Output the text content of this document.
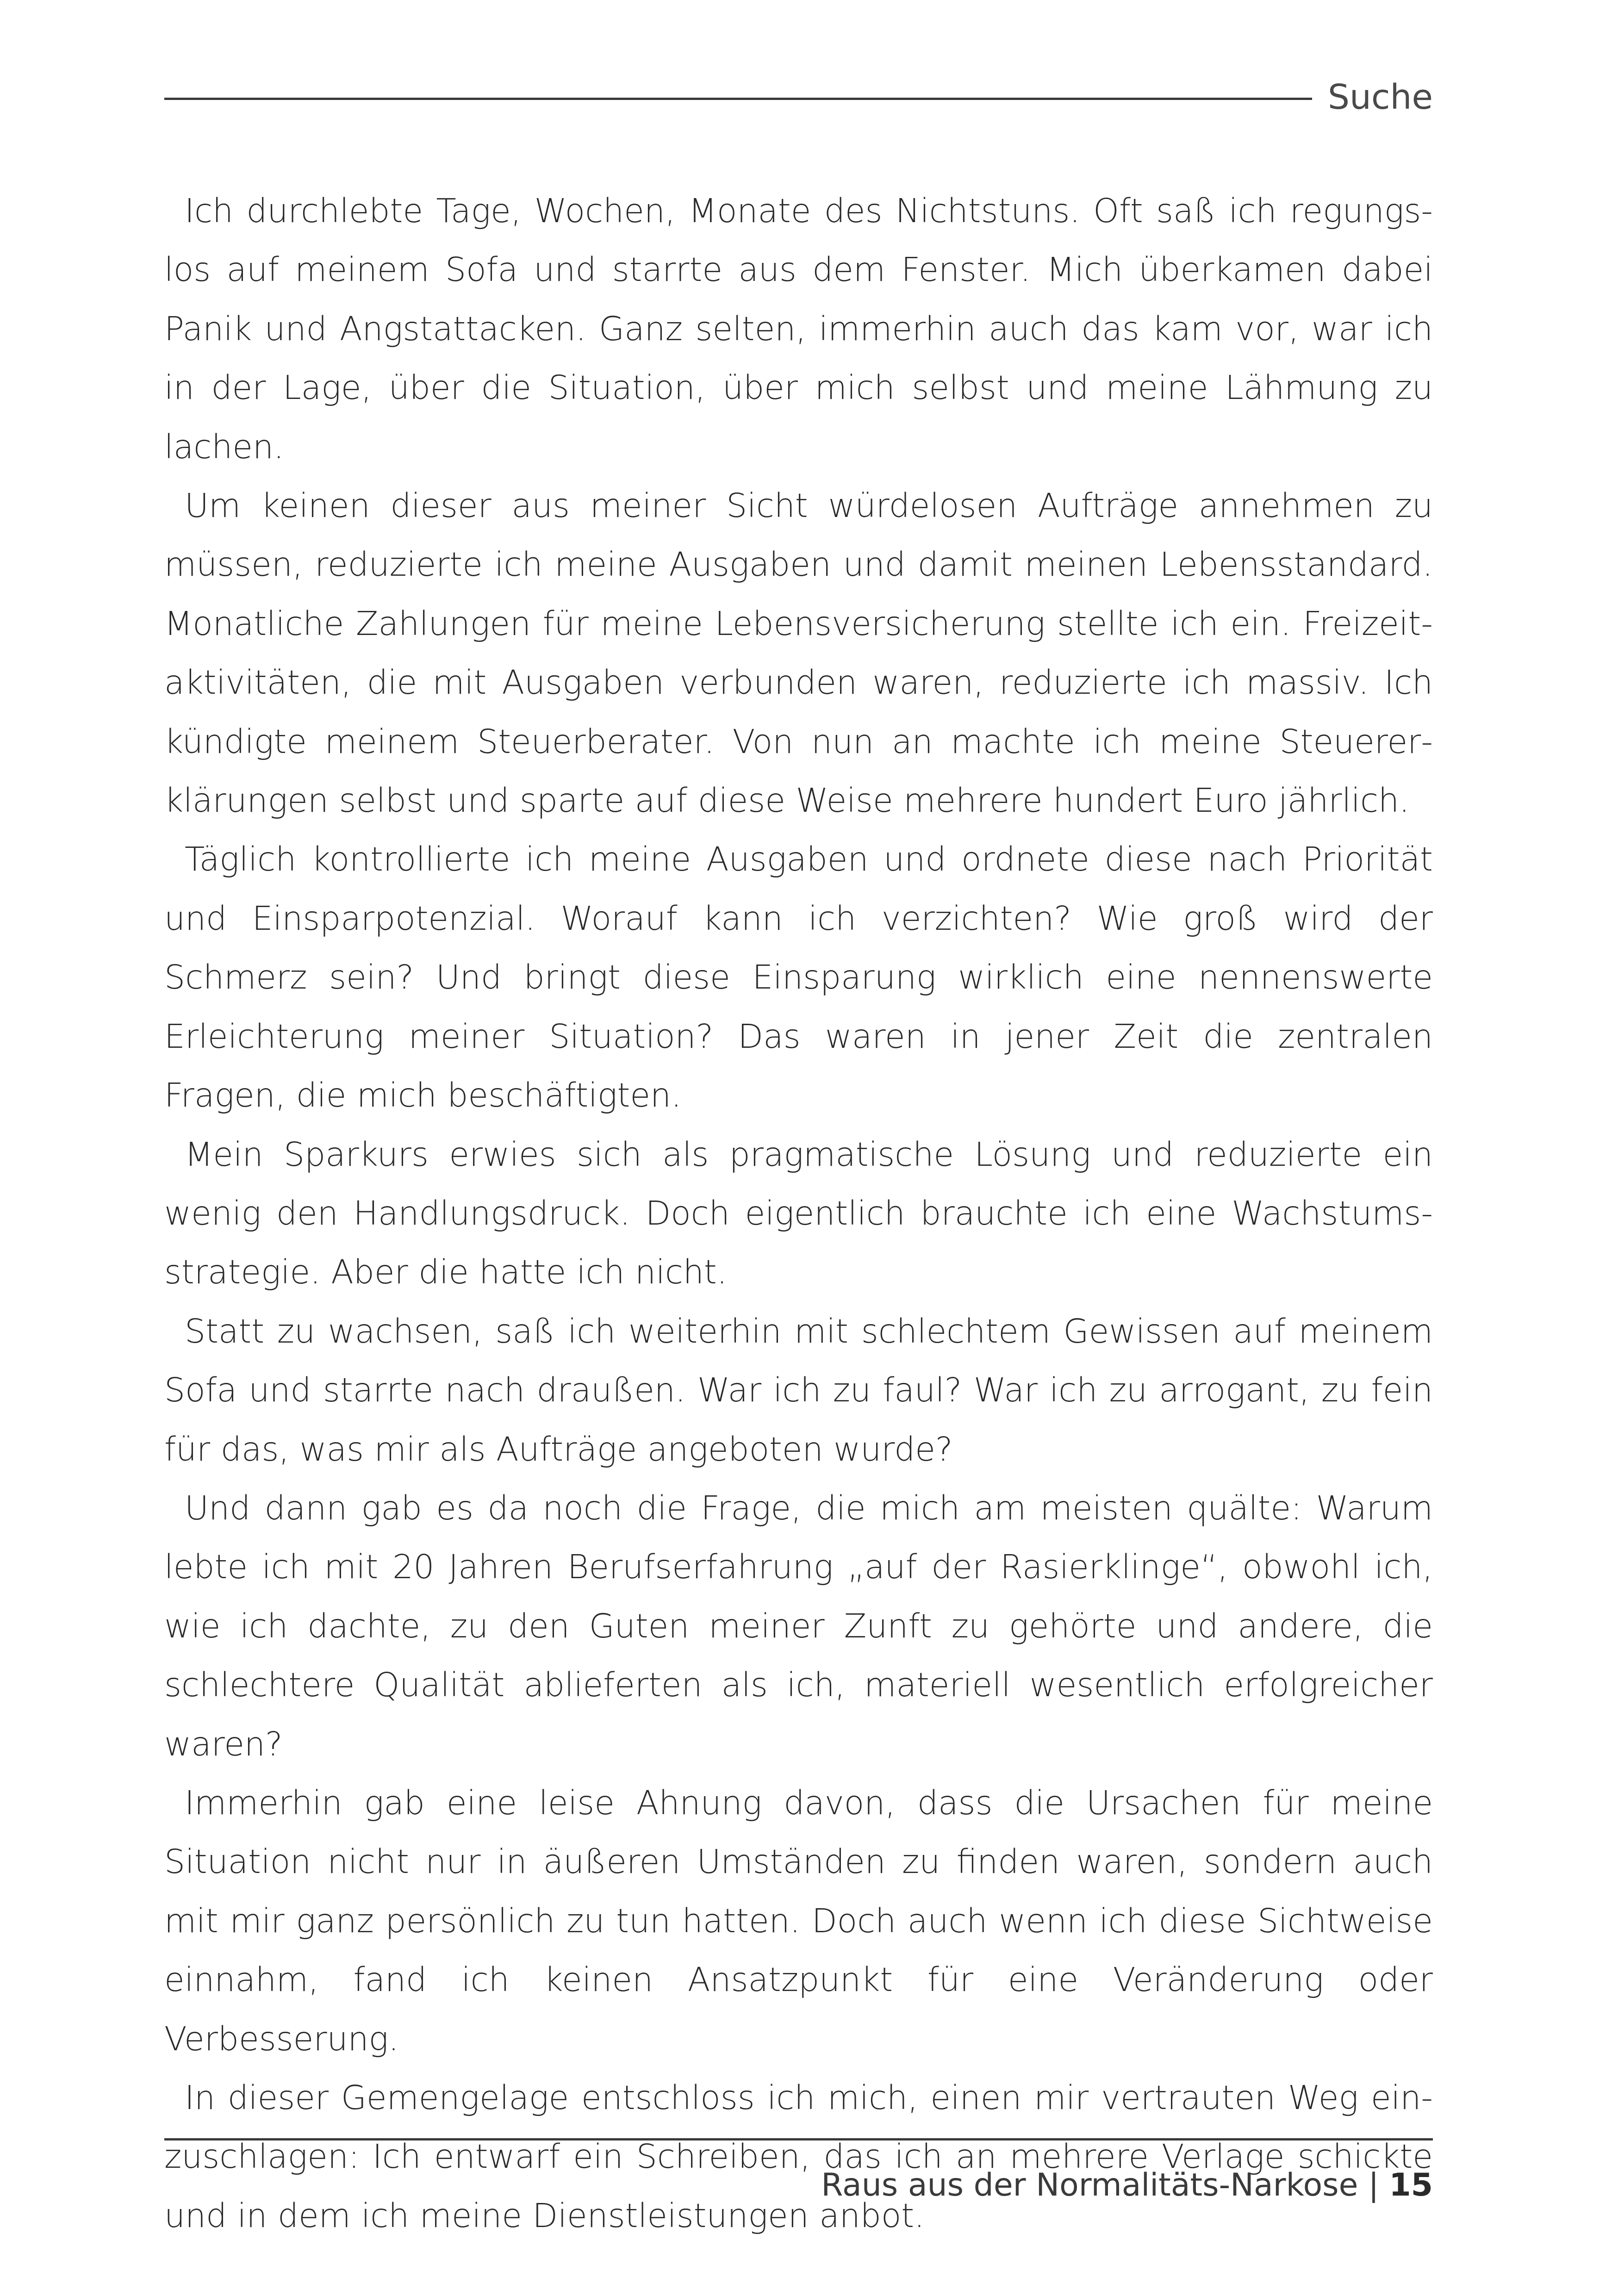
Suche

Ich durchlebte Tage, Wochen, Monate des Nichtstuns. Oft saß ich regungslos auf meinem Sofa und starrte aus dem Fenster. Mich überkamen dabei Panik und Angstattacken. Ganz selten, immerhin auch das kam vor, war ich in der Lage, über die Situation, über mich selbst und meine Lähmung zu lachen.

Um keinen dieser aus meiner Sicht würdelosen Aufträge annehmen zu müssen, reduzierte ich meine Ausgaben und damit meinen Lebensstandard. Monatliche Zahlungen für meine Lebensversicherung stellte ich ein. Freizeitaktivitäten, die mit Ausgaben verbunden waren, reduzierte ich massiv. Ich kündigte meinem Steuerberater. Von nun an machte ich meine Steuererklärungen selbst und sparte auf diese Weise mehrere hundert Euro jährlich.

Täglich kontrollierte ich meine Ausgaben und ordnete diese nach Priorität und Einsparpotenzial. Worauf kann ich verzichten? Wie groß wird der Schmerz sein? Und bringt diese Einsparung wirklich eine nennenswerte Erleichterung meiner Situation? Das waren in jener Zeit die zentralen Fragen, die mich beschäftigten.

Mein Sparkurs erwies sich als pragmatische Lösung und reduzierte ein wenig den Handlungsdruck. Doch eigentlich brauchte ich eine Wachstumsstrategie. Aber die hatte ich nicht.

Statt zu wachsen, saß ich weiterhin mit schlechtem Gewissen auf meinem Sofa und starrte nach draußen. War ich zu faul? War ich zu arrogant, zu fein für das, was mir als Aufträge angeboten wurde?

Und dann gab es da noch die Frage, die mich am meisten quälte: Warum lebte ich mit 20 Jahren Berufserfahrung „auf der Rasierklinge“, obwohl ich, wie ich dachte, zu den Guten meiner Zunft zu gehörte und andere, die schlechtere Qualität ablieferten als ich, materiell wesentlich erfolgreicher waren?

Immerhin gab eine leise Ahnung davon, dass die Ursachen für meine Situation nicht nur in äußeren Umständen zu finden waren, sondern auch mit mir ganz persönlich zu tun hatten. Doch auch wenn ich diese Sichtweise einnahm, fand ich keinen Ansatzpunkt für eine Veränderung oder Verbesserung.

In dieser Gemengelage entschloss ich mich, einen mir vertrauten Weg einzuschlagen: Ich entwarf ein Schreiben, das ich an mehrere Verlage schickte und in dem ich meine Dienstleistungen anbot.

Raus aus der Normalitäts-Narkose | 15
